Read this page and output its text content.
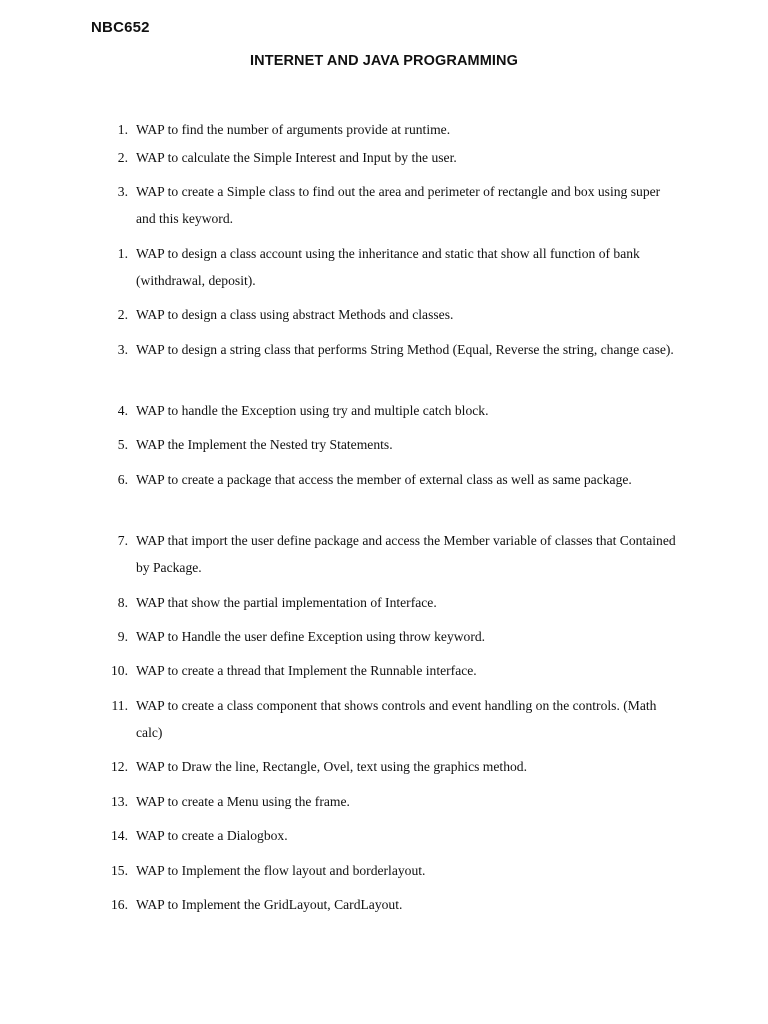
NBC652
INTERNET AND JAVA PROGRAMMING
1. WAP to find the number of arguments provide at runtime.
2. WAP to calculate the Simple Interest and Input by the user.
3. WAP to create a Simple class to find out the area and perimeter of rectangle and box using super and this keyword.
1. WAP to design a class account using the inheritance and static that show all function of bank (withdrawal, deposit).
2. WAP to design a class using abstract Methods and classes.
3. WAP to design a string class that performs String Method (Equal, Reverse the string, change case).
4. WAP to handle the Exception using try and multiple catch block.
5. WAP the Implement the Nested try Statements.
6. WAP to create a package that access the member of external class as well as same package.
7. WAP that import the user define package and access the Member variable of classes that Contained by Package.
8. WAP that show the partial implementation of Interface.
9. WAP to Handle the user define Exception using throw keyword.
10. WAP to create a thread that Implement the Runnable interface.
11. WAP to create a class component that shows controls and event handling on the controls. (Math calc)
12. WAP to Draw the line, Rectangle, Ovel, text using the graphics method.
13. WAP to create a Menu using the frame.
14. WAP to create a Dialogbox.
15. WAP to Implement the flow layout and borderlayout.
16. WAP to Implement the GridLayout, CardLayout.
